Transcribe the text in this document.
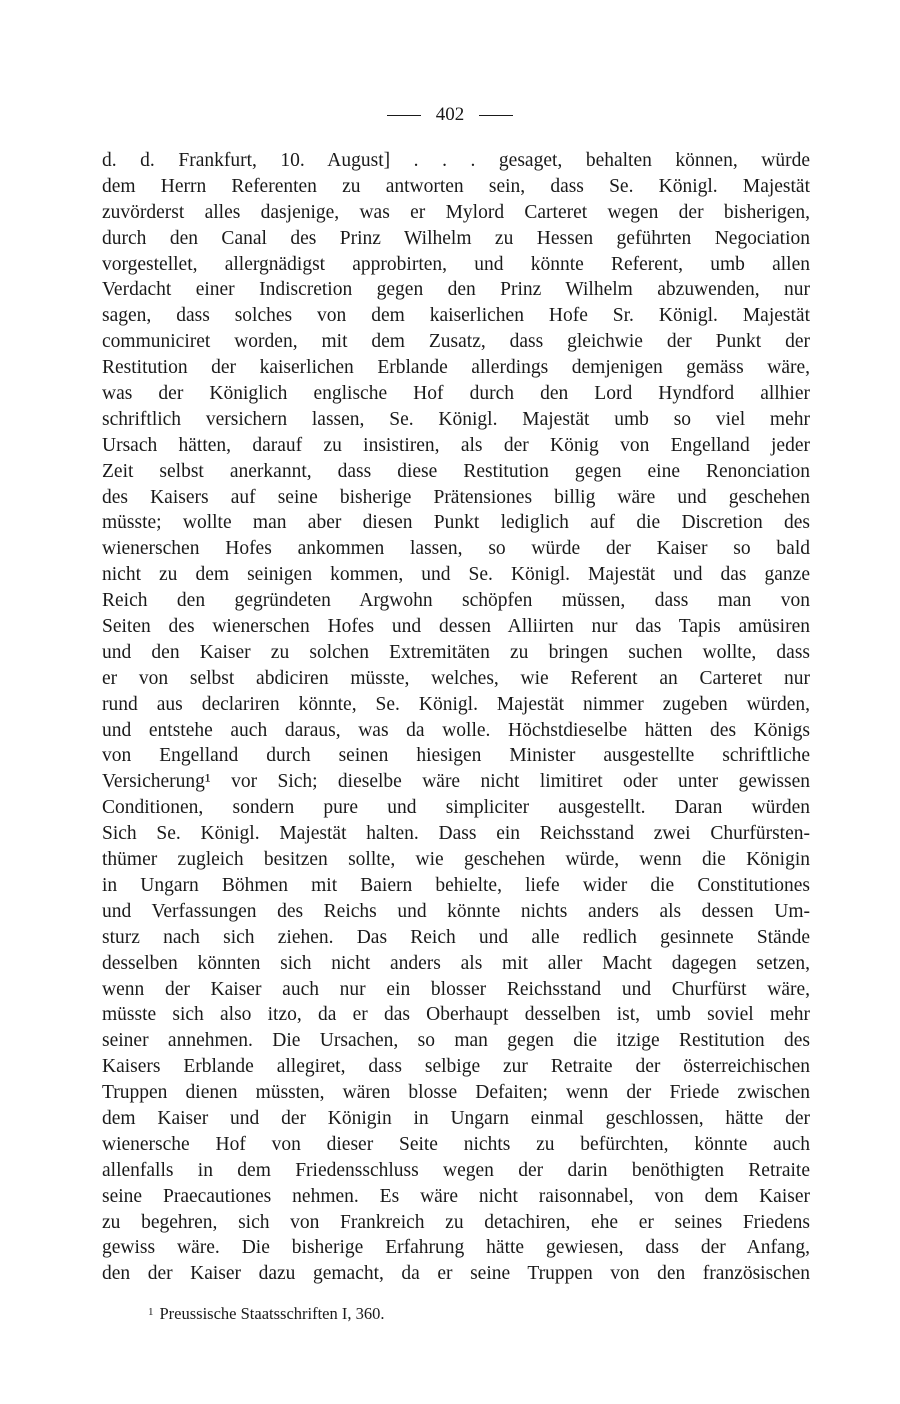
402
d. d. Frankfurt, 10. August] . . . gesaget, behalten können, würde
dem Herrn Referenten zu antworten sein, dass Se. Königl. Majestät
zuvörderst alles dasjenige, was er Mylord Carteret wegen der bisherigen,
durch den Canal des Prinz Wilhelm zu Hessen geführten Negociation
vorgestellet, allergnädigst approbirten, und könnte Referent, umb allen
Verdacht einer Indiscretion gegen den Prinz Wilhelm abzuwenden, nur
sagen, dass solches von dem kaiserlichen Hofe Sr. Königl. Majestät
communiciret worden, mit dem Zusatz, dass gleichwie der Punkt der
Restitution der kaiserlichen Erblande allerdings demjenigen gemäss wäre,
was der Königlich englische Hof durch den Lord Hyndford allhier
schriftlich versichern lassen, Se. Königl. Majestät umb so viel mehr
Ursach hätten, darauf zu insistiren, als der König von Engelland jeder
Zeit selbst anerkannt, dass diese Restitution gegen eine Renonciation
des Kaisers auf seine bisherige Prätensiones billig wäre und geschehen
müsste; wollte man aber diesen Punkt lediglich auf die Discretion des
wienerschen Hofes ankommen lassen, so würde der Kaiser so bald
nicht zu dem seinigen kommen, und Se. Königl. Majestät und das ganze
Reich den gegründeten Argwohn schöpfen müssen, dass man von
Seiten des wienerschen Hofes und dessen Alliirten nur das Tapis amüsiren
und den Kaiser zu solchen Extremitäten zu bringen suchen wollte, dass
er von selbst abdiciren müsste, welches, wie Referent an Carteret nur
rund aus declariren könnte, Se. Königl. Majestät nimmer zugeben würden,
und entstehe auch daraus, was da wolle. Höchstdieselbe hätten des Königs
von Engelland durch seinen hiesigen Minister ausgestellte schriftliche
Versicherung¹ vor Sich; dieselbe wäre nicht limitiret oder unter gewissen
Conditionen, sondern pure und simpliciter ausgestellt. Daran würden
Sich Se. Königl. Majestät halten. Dass ein Reichsstand zwei Churfürsten-
thümer zugleich besitzen sollte, wie geschehen würde, wenn die Königin
in Ungarn Böhmen mit Baiern behielte, liefe wider die Constitutiones
und Verfassungen des Reichs und könnte nichts anders als dessen Um-
sturz nach sich ziehen. Das Reich und alle redlich gesinnete Stände
desselben könnten sich nicht anders als mit aller Macht dagegen setzen,
wenn der Kaiser auch nur ein blosser Reichsstand und Churfürst wäre,
müsste sich also itzo, da er das Oberhaupt desselben ist, umb soviel mehr
seiner annehmen. Die Ursachen, so man gegen die itzige Restitution des
Kaisers Erblande allegiret, dass selbige zur Retraite der österreichischen
Truppen dienen müssten, wären blosse Defaiten; wenn der Friede zwischen
dem Kaiser und der Königin in Ungarn einmal geschlossen, hätte der
wienersche Hof von dieser Seite nichts zu befürchten, könnte auch
allenfalls in dem Friedensschluss wegen der darin benöthigten Retraite
seine Praecautiones nehmen. Es wäre nicht raisonnabel, von dem Kaiser
zu begehren, sich von Frankreich zu detachiren, ehe er seines Friedens
gewiss wäre. Die bisherige Erfahrung hätte gewiesen, dass der Anfang,
den der Kaiser dazu gemacht, da er seine Truppen von den französischen
$^1$ Preussische Staatsschriften I, 360.
